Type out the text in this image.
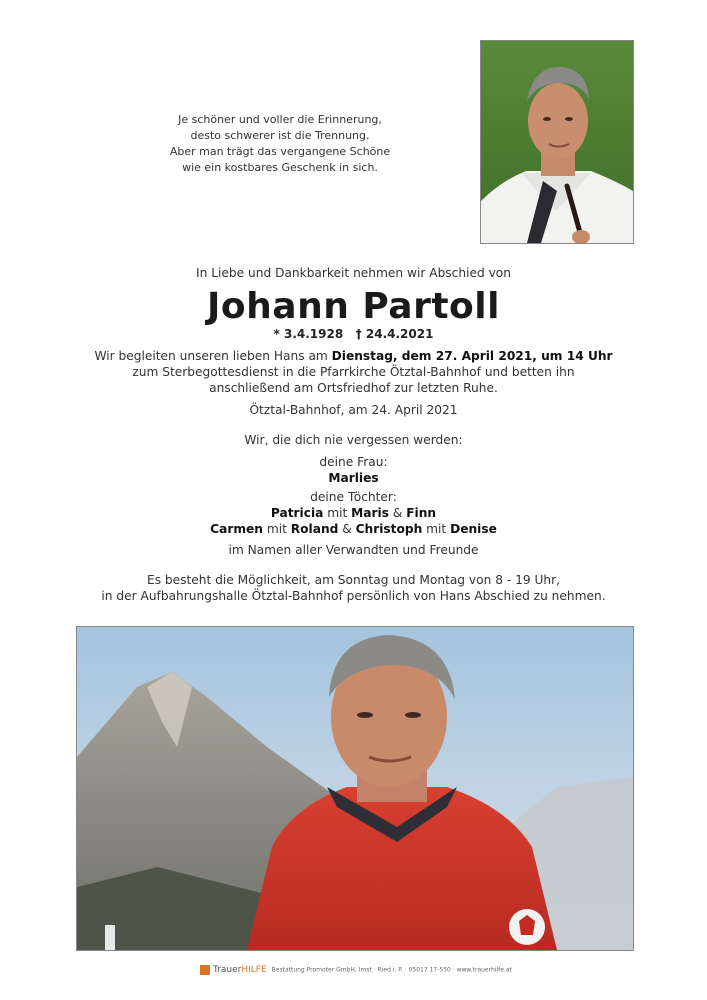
Je schöner und voller die Erinnerung,
desto schwerer ist die Trennung.
Aber man trägt das vergangene Schöne
wie ein kostbares Geschenk in sich.
In Liebe und Dankbarkeit nehmen wir Abschied von
Johann Partoll
* 3.4.1928   † 24.4.2021
Wir begleiten unseren lieben Hans am Dienstag, dem 27. April 2021, um 14 Uhr
zum Sterbegottesdienst in die Pfarrkirche Ötztal-Bahnhof und betten ihn
anschließend am Ortsfriedhof zur letzten Ruhe.
Ötztal-Bahnhof, am 24. April 2021
Wir, die dich nie vergessen werden:
deine Frau:
Marlies
deine Töchter:
Patricia mit Maris & Finn
Carmen mit Roland & Christoph mit Denise
im Namen aller Verwandten und Freunde
Es besteht die Möglichkeit, am Sonntag und Montag von 8 - 19 Uhr,
in der Aufbahrungshalle Ötztal-Bahnhof persönlich von Hans Abschied zu nehmen.
TrauerHILFE Bestattung Promoter GmbH, Imst · Ried i. P. · 05017 17-550 · www.trauerhilfe.at
